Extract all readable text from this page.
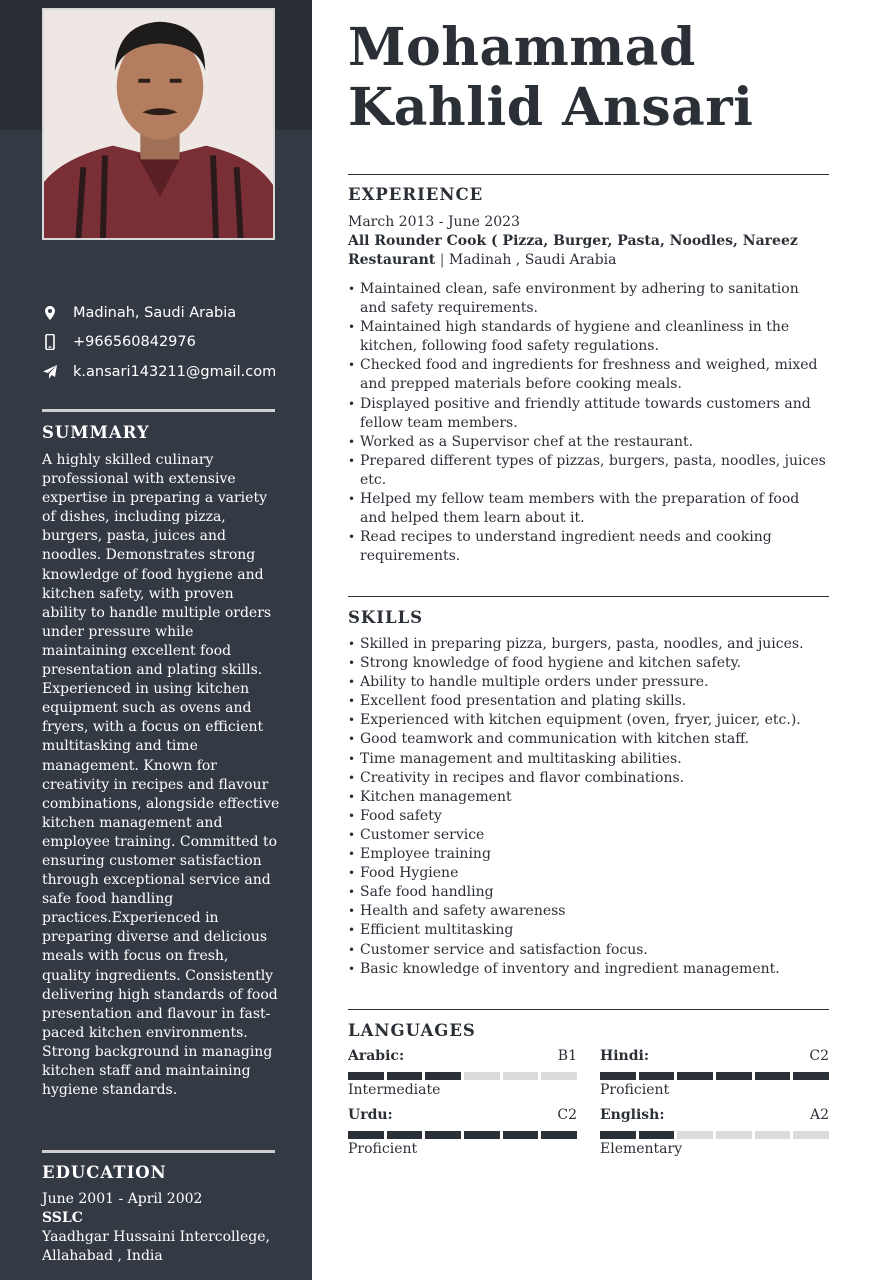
Madinah, Saudi Arabia
+966560842976
k.ansari143211@gmail.com
SUMMARY

A highly skilled culinary professional with extensive expertise in preparing a variety of dishes, including pizza, burgers, pasta, juices and noodles. Demonstrates strong knowledge of food hygiene and kitchen safety, with proven ability to handle multiple orders under pressure while maintaining excellent food presentation and plating skills. Experienced in using kitchen equipment such as ovens and fryers, with a focus on efficient multitasking and time management. Known for creativity in recipes and flavour combinations, alongside effective kitchen management and employee training. Committed to ensuring customer satisfaction through exceptional service and safe food handling practices.Experienced in preparing diverse and delicious meals with focus on fresh, quality ingredients. Consistently delivering high standards of food presentation and flavour in fast-paced kitchen environments. Strong background in managing kitchen staff and maintaining hygiene standards.

EDUCATION
June 2001 - April 2002
SSLC
Yaadhgar Hussaini Intercollege, Allahabad , India
Mohammad
Kahlid Ansari
EXPERIENCE
March 2013 - June 2023
All Rounder Cook ( Pizza, Burger, Pasta, Noodles, Nareez Restaurant | Madinah , Saudi Arabia
• Maintained clean, safe environment by adhering to sanitation and safety requirements.
• Maintained high standards of hygiene and cleanliness in the kitchen, following food safety regulations.
• Checked food and ingredients for freshness and weighed, mixed and prepped materials before cooking meals.
• Displayed positive and friendly attitude towards customers and fellow team members.
• Worked as a Supervisor chef at the restaurant.
• Prepared different types of pizzas, burgers, pasta, noodles, juices etc.
• Helped my fellow team members with the preparation of food and helped them learn about it.
• Read recipes to understand ingredient needs and cooking requirements.
SKILLS
• Skilled in preparing pizza, burgers, pasta, noodles, and juices.
• Strong knowledge of food hygiene and kitchen safety.
• Ability to handle multiple orders under pressure.
• Excellent food presentation and plating skills.
• Experienced with kitchen equipment (oven, fryer, juicer, etc.).
• Good teamwork and communication with kitchen staff.
• Time management and multitasking abilities.
• Creativity in recipes and flavor combinations.
• Kitchen management
• Food safety
• Customer service
• Employee training
• Food Hygiene
• Safe food handling
• Health and safety awareness
• Efficient multitasking
• Customer service and satisfaction focus.
• Basic knowledge of inventory and ingredient management.
LANGUAGES
Arabic:	B1
Intermediate
Hindi:	C2
Proficient
Urdu:	C2
Proficient
English:	A2
Elementary
